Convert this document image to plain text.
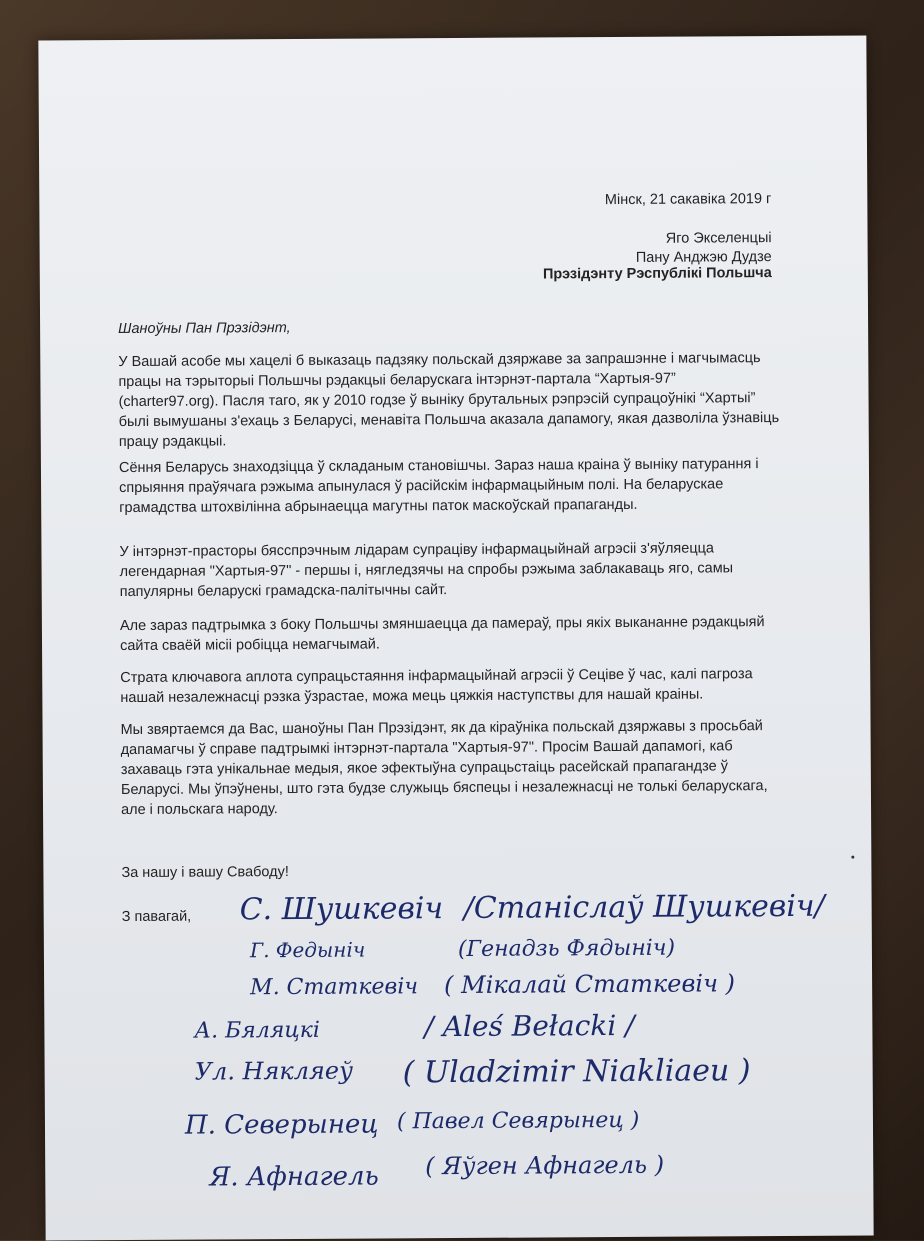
Мінск, 21 сакавіка 2019 г
Яго Экселенцыі
Пану Анджэю Дудзе
Прэзідэнту Рэспублікі Польшча
Шаноўны Пан Прэзідэнт,
У Вашай асобе мы хацелі б выказаць падзяку польскай дзяржаве за запрашэнне і магчымасць
працы на тэрыторыі Польшчы рэдакцыі беларускага інтэрнэт-партала “Хартыя-97”
(charter97.org). Пасля таго, як у 2010 годзе ў выніку брутальных рэпрэсій супрацоўнікі “Хартыі”
былі вымушаны з'ехаць з Беларусі, менавіта Польшча аказала дапамогу, якая дазволіла ўзнавіць
працу рэдакцыі.
Сёння Беларусь знаходзіцца ў складаным становішчы. Зараз наша краіна ў выніку патурання і
спрыяння праўячага рэжыма апынулася ў расійскім інфармацыйным полі. На беларускае
грамадства штохвілінна абрынаецца магутны паток маскоўскай прапаганды.
У інтэрнэт-прасторы бясспрэчным лідарам супраціву інфармацыйнай агрэсіі з'яўляецца
легендарная "Хартыя-97" - першы і, нягледзячы на спробы рэжыма заблакаваць яго, самы
папулярны беларускі грамадска-палітычны сайт.
Але зараз падтрымка з боку Польшчы змяншаецца да памераў, пры якіх выкананне рэдакцыяй
сайта сваёй місіі робіцца немагчымай.
Страта ключавога аплота супрацьстаяння інфармацыйнай агрэсіі ў Сеціве ў час, калі пагроза
нашай незалежнасці рэзка ўзрастае, можа мець цяжкія наступствы для нашай краіны.
Мы звяртаемся да Вас, шаноўны Пан Прэзідэнт, як да кіраўніка польскай дзяржавы з просьбай
дапамагчы ў справе падтрымкі інтэрнэт-партала "Хартыя-97". Просім Вашай дапамогі, каб
захаваць гэта унікальнае медыя, якое эфектыўна супрацьстаіць расейскай прапагандзе ў
Беларусі. Мы ўпэўнены, што гэта будзе служыць бяспецы і незалежнасці не толькі беларускага,
але і польскага народу.
За нашу і вашу Свабоду!
З павагай, С. Шушкевіч /Станіслаў Шушкевіч/
Г. Федыніч	(Генадзь Фядыніч)
М. Статкевіч ( Мікалай Статкевіч )
А. Бяляцкі	/ Aleś Bełacki /
Ул. Някляеў ( Uladzimir Niakliaeu )
П. Северынец ( Павел Севярынец )
Я. Афнагель ( Яўген Афнагель )
